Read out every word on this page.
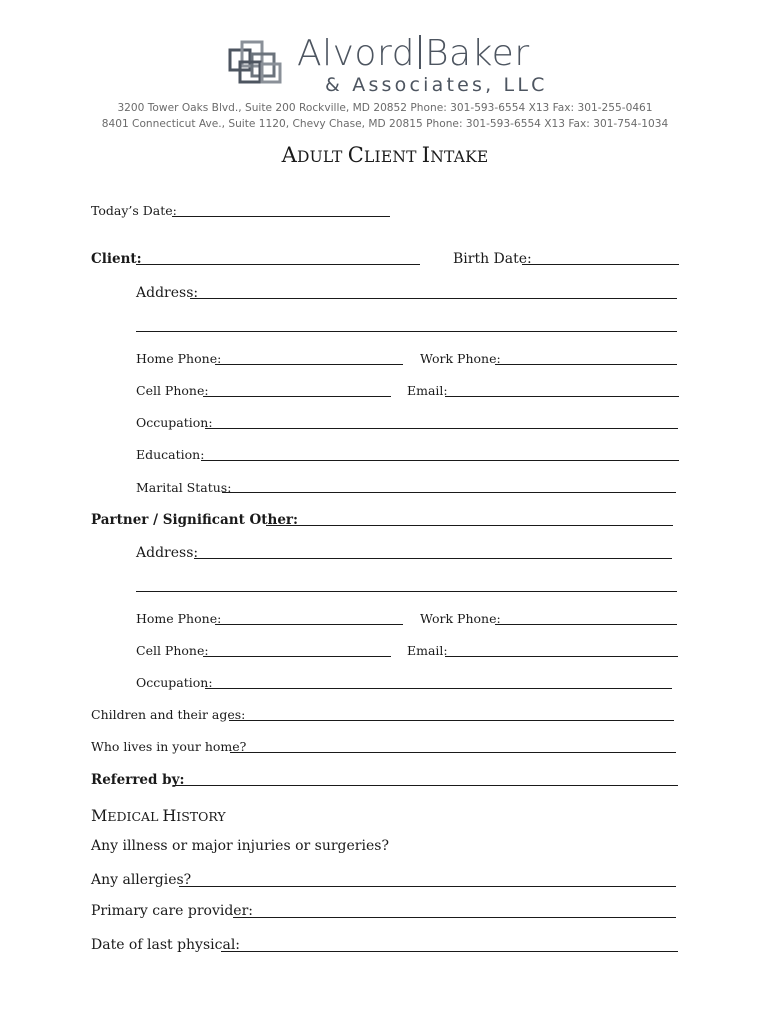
Alvord Baker
& Associates, LLC
3200 Tower Oaks Blvd., Suite 200 Rockville, MD 20852 Phone: 301-593-6554 X13 Fax: 301-255-0461
8401 Connecticut Ave., Suite 1120, Chevy Chase, MD 20815 Phone: 301-593-6554 X13 Fax: 301-754-1034
ADULT CLIENT INTAKE
Today’s Date:
Client:	Birth Date:
Address:
Home Phone:	Work Phone:
Cell Phone:	Email:
Occupation:
Education:
Marital Status:
Partner / Significant Other:
Address:
Home Phone:	Work Phone:
Cell Phone:	Email:
Occupation:
Children and their ages:
Who lives in your home?
Referred by:
MEDICAL HISTORY
Any illness or major injuries or surgeries?
Any allergies?
Primary care provider:
Date of last physical:
